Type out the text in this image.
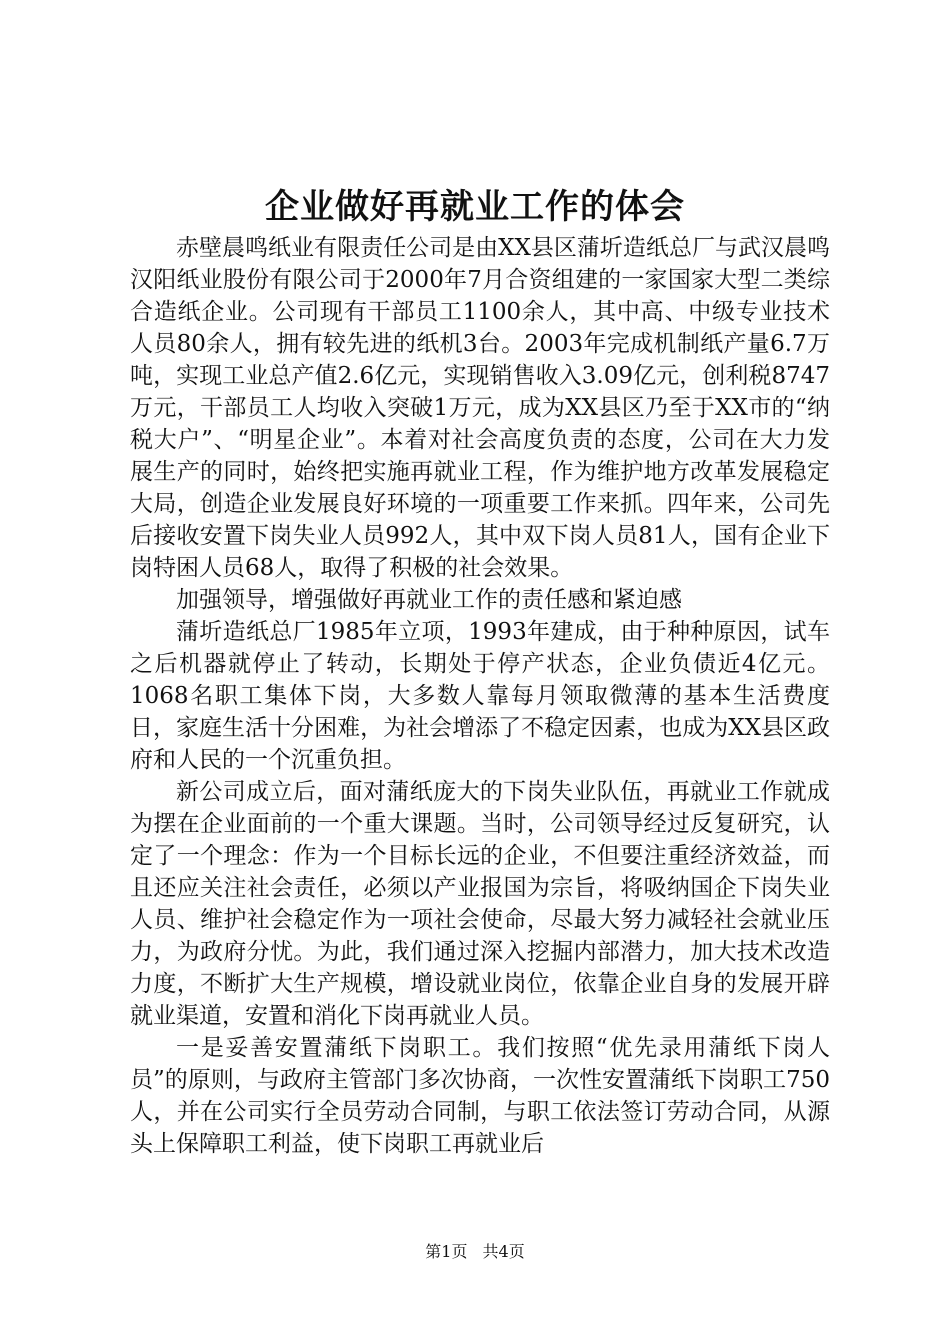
企业做好再就业工作的体会

赤壁晨鸣纸业有限责任公司是由XX县区蒲圻造纸总厂与武汉晨鸣汉阳纸业股份有限公司于2000年7月合资组建的一家国家大型二类综合造纸企业。公司现有干部员工1100余人，其中高、中级专业技术人员80余人，拥有较先进的纸机3台。2003年完成机制纸产量6.7万吨，实现工业总产值2.6亿元，实现销售收入3.09亿元，创利税8747万元，干部员工人均收入突破1万元，成为XX县区乃至于XX市的“纳税大户”、“明星企业”。本着对社会高度负责的态度，公司在大力发展生产的同时，始终把实施再就业工程，作为维护地方改革发展稳定大局，创造企业发展良好环境的一项重要工作来抓。四年来，公司先后接收安置下岗失业人员992人，其中双下岗人员81人，国有企业下岗特困人员68人，取得了积极的社会效果。

加强领导，增强做好再就业工作的责任感和紧迫感

蒲圻造纸总厂1985年立项，1993年建成，由于种种原因，试车之后机器就停止了转动，长期处于停产状态，企业负债近4亿元。1068名职工集体下岗，大多数人靠每月领取微薄的基本生活费度日，家庭生活十分困难，为社会增添了不稳定因素，也成为XX县区政府和人民的一个沉重负担。

新公司成立后，面对蒲纸庞大的下岗失业队伍，再就业工作就成为摆在企业面前的一个重大课题。当时，公司领导经过反复研究，认定了一个理念：作为一个目标长远的企业，不但要注重经济效益，而且还应关注社会责任，必须以产业报国为宗旨，将吸纳国企下岗失业人员、维护社会稳定作为一项社会使命，尽最大努力减轻社会就业压力，为政府分忧。为此，我们通过深入挖掘内部潜力，加大技术改造力度，不断扩大生产规模，增设就业岗位，依靠企业自身的发展开辟就业渠道，安置和消化下岗再就业人员。

一是妥善安置蒲纸下岗职工。我们按照“优先录用蒲纸下岗人员”的原则，与政府主管部门多次协商，一次性安置蒲纸下岗职工750人，并在公司实行全员劳动合同制，与职工依法签订劳动合同，从源头上保障职工利益，使下岗职工再就业后

第1页 共4页
